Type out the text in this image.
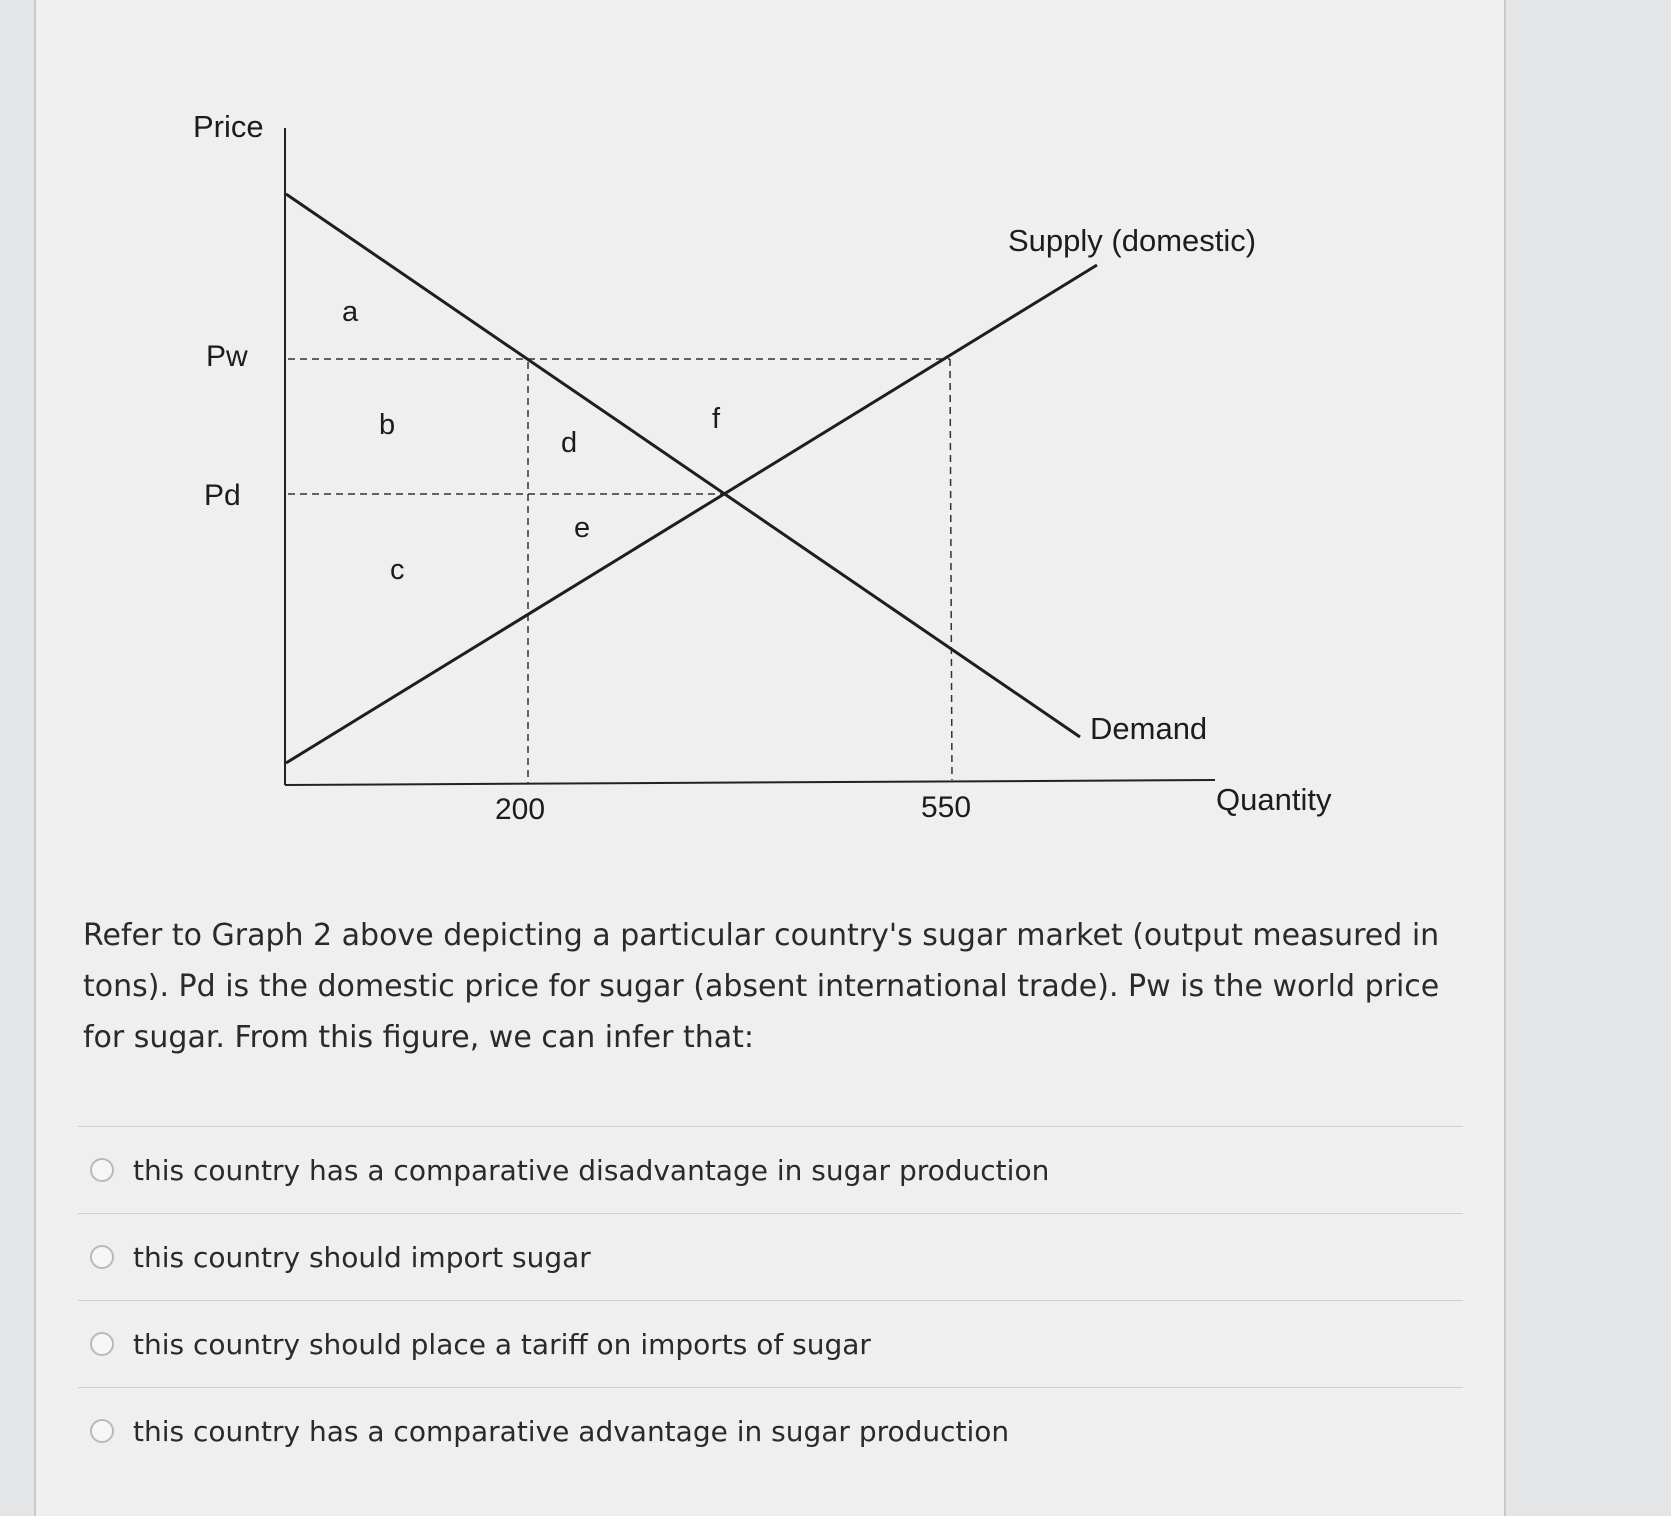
Price
Quantity
Pw
Pd
200	550
Supply (domestic)
Demand
a
b
c
d
e
f
Refer to Graph 2 above depicting a particular country's sugar market (output measured in tons). Pd is the domestic price for sugar (absent international trade). Pw is the world price for sugar. From this figure, we can infer that:
this country has a comparative disadvantage in sugar production
this country should import sugar
this country should place a tariff on imports of sugar
this country has a comparative advantage in sugar production
